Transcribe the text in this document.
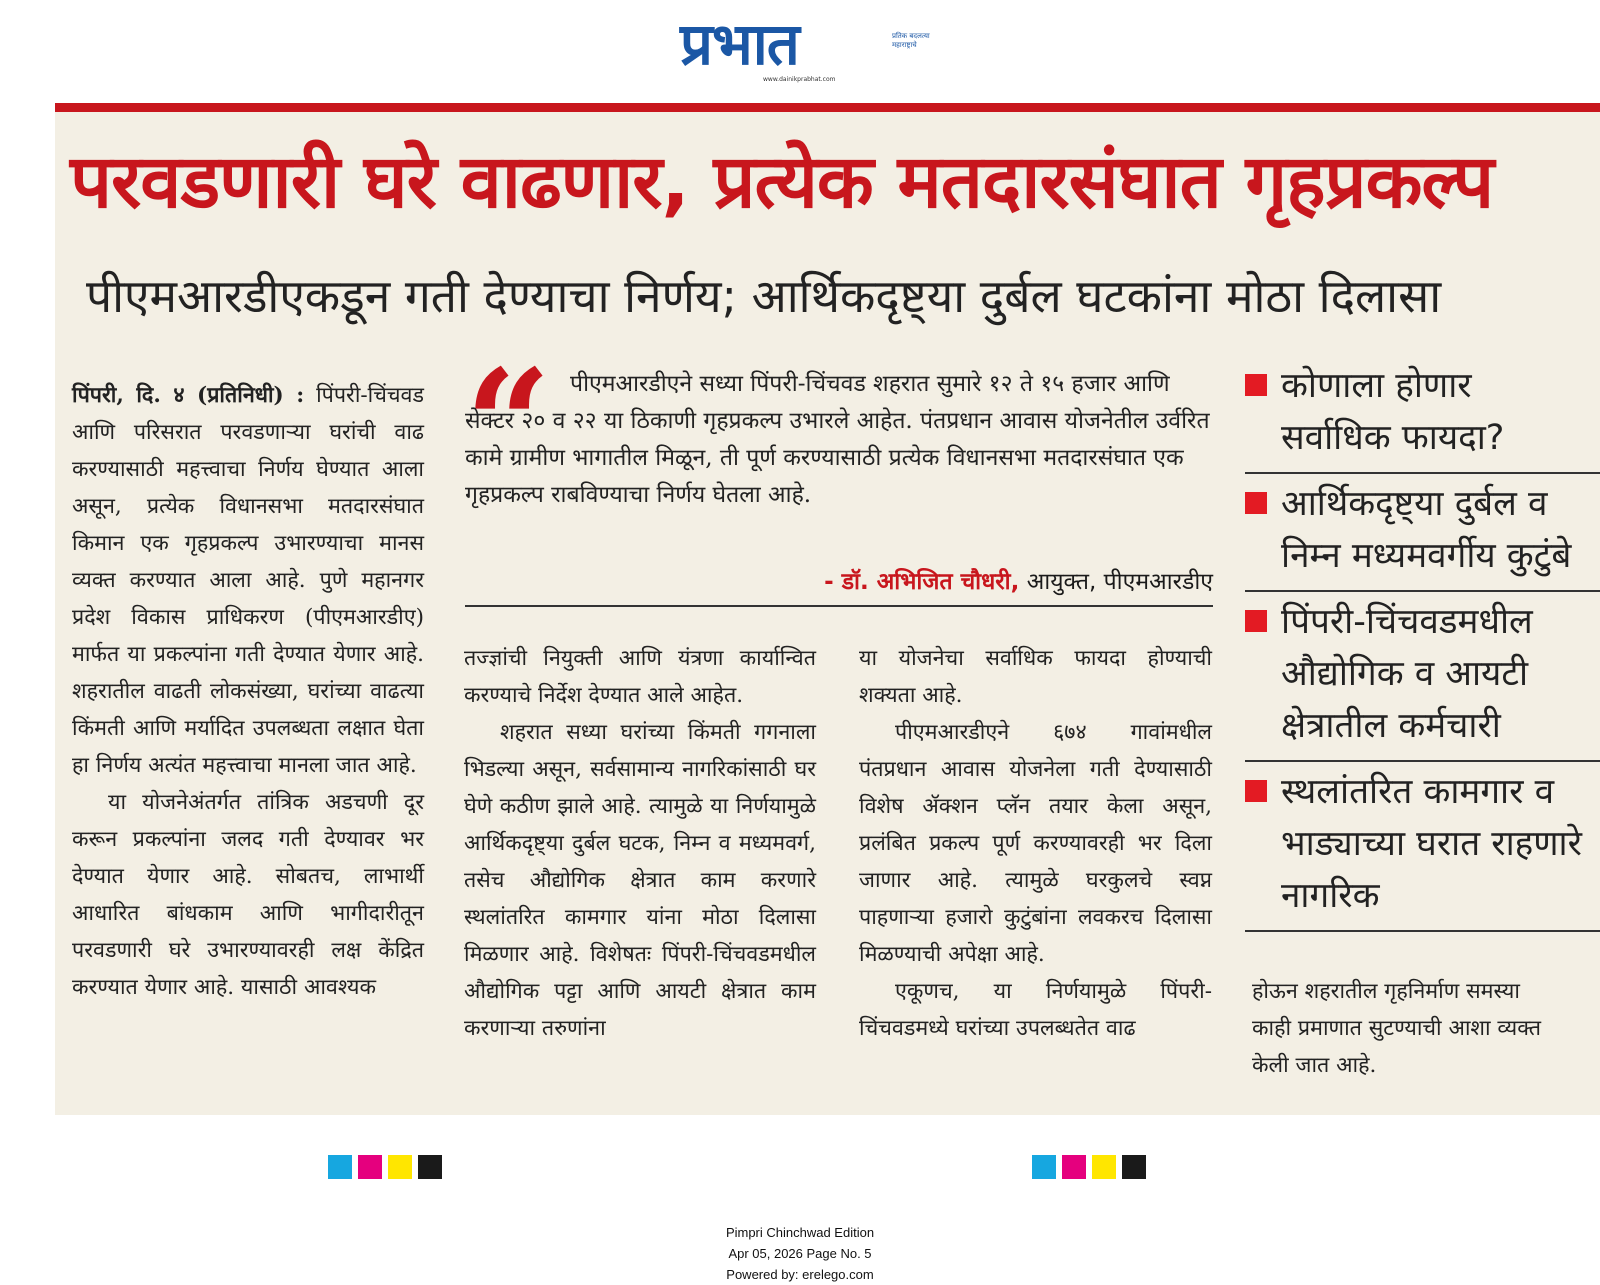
प्रभात	प्रतिक बदलत्या महाराष्ट्राचे
www.dainikprabhat.com
परवडणारी घरे वाढणार, प्रत्येक मतदारसंघात गृहप्रकल्प
पीएमआरडीएकडून गती देण्याचा निर्णय; आर्थिकदृष्ट्या दुर्बल घटकांना मोठा दिलासा

पिंपरी, दि. ४ (प्रतिनिधी) : पिंपरी-चिंचवड आणि परिसरात परवडणाऱ्या घरांची वाढ करण्यासाठी महत्त्वाचा निर्णय घेण्यात आला असून, प्रत्येक विधानसभा मतदारसंघात किमान एक गृहप्रकल्प उभारण्याचा मानस व्यक्त करण्यात आला आहे. पुणे महानगर प्रदेश विकास प्राधिकरण (पीएमआरडीए) मार्फत या प्रकल्पांना गती देण्यात येणार आहे. शहरातील वाढती लोकसंख्या, घरांच्या वाढत्या किंमती आणि मर्यादित उपलब्धता लक्षात घेता हा निर्णय अत्यंत महत्त्वाचा मानला जात आहे.

या योजनेअंतर्गत तांत्रिक अडचणी दूर करून प्रकल्पांना जलद गती देण्यावर भर देण्यात येणार आहे. सोबतच, लाभार्थी आधारित बांधकाम आणि भागीदारीतून परवडणारी घरे उभारण्यावरही लक्ष केंद्रित करण्यात येणार आहे. यासाठी आवश्यक

“ पीएमआरडीएने सध्या पिंपरी-चिंचवड शहरात सुमारे १२ ते १५ हजार आणि सेक्टर २० व २२ या ठिकाणी गृहप्रकल्प उभारले आहेत. पंतप्रधान आवास योजनेतील उर्वरित कामे ग्रामीण भागातील मिळून, ती पूर्ण करण्यासाठी प्रत्येक विधानसभा मतदारसंघात एक गृहप्रकल्प राबविण्याचा निर्णय घेतला आहे.
- डॉ. अभिजित चौधरी, आयुक्त, पीएमआरडीए

तज्ज्ञांची नियुक्ती आणि यंत्रणा कार्यान्वित करण्याचे निर्देश देण्यात आले आहेत.

शहरात सध्या घरांच्या किंमती गगनाला भिडल्या असून, सर्वसामान्य नागरिकांसाठी घर घेणे कठीण झाले आहे. त्यामुळे या निर्णयामुळे आर्थिकदृष्ट्या दुर्बल घटक, निम्न व मध्यमवर्ग, तसेच औद्योगिक क्षेत्रात काम करणारे स्थलांतरित कामगार यांना मोठा दिलासा मिळणार आहे. विशेषतः पिंपरी-चिंचवडमधील औद्योगिक पट्टा आणि आयटी क्षेत्रात काम करणाऱ्या तरुणांना

या योजनेचा सर्वाधिक फायदा होण्याची शक्यता आहे.

पीएमआरडीएने ६७४ गावांमधील पंतप्रधान आवास योजनेला गती देण्यासाठी विशेष ॲक्शन प्लॅन तयार केला असून, प्रलंबित प्रकल्प पूर्ण करण्यावरही भर दिला जाणार आहे. त्यामुळे घरकुलचे स्वप्न पाहणाऱ्या हजारो कुटुंबांना लवकरच दिलासा मिळण्याची अपेक्षा आहे.

एकूणच, या निर्णयामुळे पिंपरी-चिंचवडमध्ये घरांच्या उपलब्धतेत वाढ

कोणाला होणार
सर्वाधिक फायदा?
आर्थिकदृष्ट्या दुर्बल व
निम्न मध्यमवर्गीय कुटुंबे
पिंपरी-चिंचवडमधील
औद्योगिक व आयटी
क्षेत्रातील कर्मचारी
स्थलांतरित कामगार व
भाड्याच्या घरात राहणारे
नागरिक
होऊन शहरातील गृहनिर्माण समस्या
काही प्रमाणात सुटण्याची आशा व्यक्त
केली जात आहे.
Pimpri Chinchwad Edition
Apr 05, 2026 Page No. 5
Powered by: erelego.com
